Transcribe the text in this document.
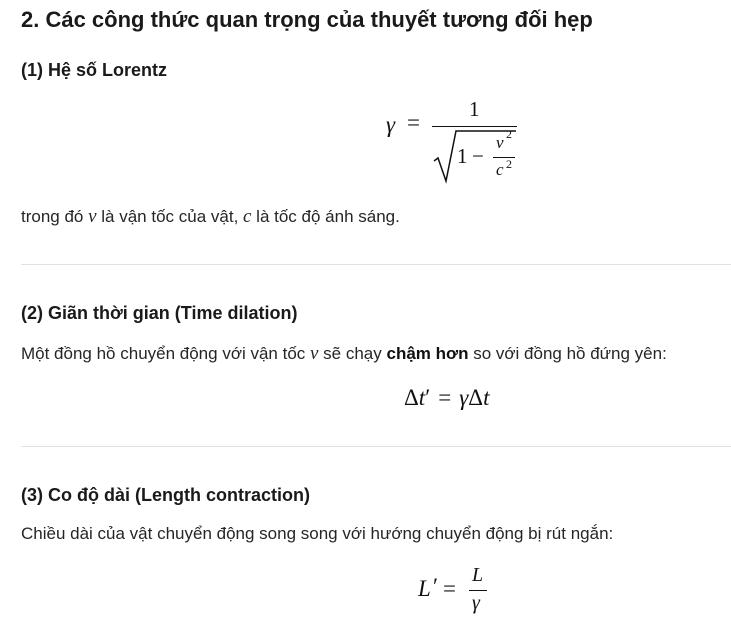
2. Các công thức quan trọng của thuyết tương đối hẹp
(1) Hệ số Lorentz
γ =
1
1 −
v 2
c 2
trong đó v là vận tốc của vật, c là tốc độ ánh sáng.
(2) Giãn thời gian (Time dilation)
Một đồng hồ chuyển động với vận tốc v sẽ chạy chậm hơn so với đồng hồ đứng yên:
Δt′ = γΔt
(3) Co độ dài (Length contraction)
Chiều dài của vật chuyển động song song với hướng chuyển động bị rút ngắn:
L ′ =
L
γ
